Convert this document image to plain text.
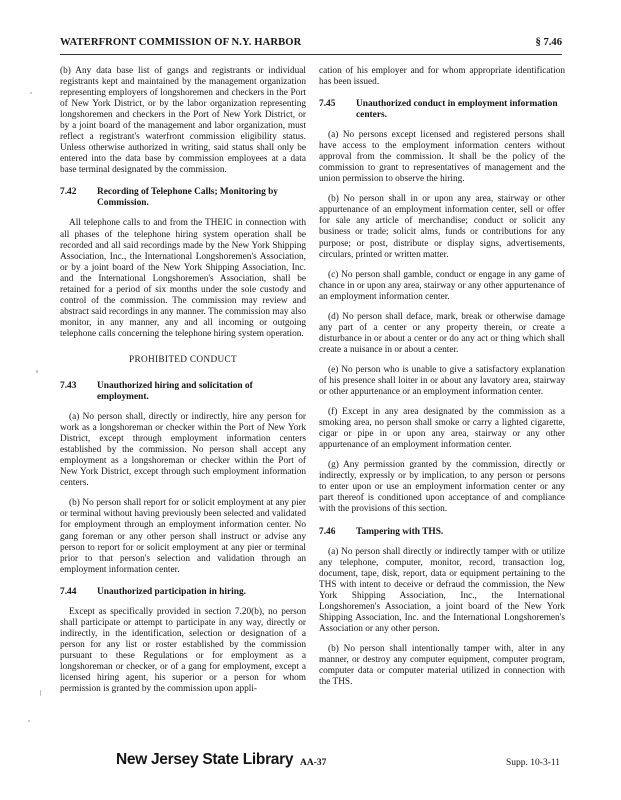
WATERFRONT COMMISSION OF N.Y. HARBOR	§ 7.46

(b) Any data base list of gangs and registrants or individual registrants kept and maintained by the management organization representing employers of longshoremen and checkers in the Port of New York District, or by the labor organization representing longshoremen and checkers in the Port of New York District, or by a joint board of the management and labor organization, must reflect a registrant's waterfront commission eligibility status. Unless otherwise authorized in writing, said status shall only be entered into the data base by commission employees at a data base terminal designated by the commission.

7.42 Recording of Telephone Calls; Monitoring by Commission.

All telephone calls to and from the THEIC in connection with all phases of the telephone hiring system operation shall be recorded and all said recordings made by the New York Shipping Association, Inc., the International Longshoremen's Association, or by a joint board of the New York Shipping Association, Inc. and the International Longshoremen's Association, shall be retained for a period of six months under the sole custody and control of the commission. The commission may review and abstract said recordings in any manner. The commission may also monitor, in any manner, any and all incoming or outgoing telephone calls concerning the telephone hiring system operation.

PROHIBITED CONDUCT
7.43 Unauthorized hiring and solicitation of employment.

(a) No person shall, directly or indirectly, hire any person for work as a longshoreman or checker within the Port of New York District, except through employment information centers established by the commission. No person shall accept any employment as a longshoreman or checker within the Port of New York District, except through such employment information centers.

(b) No person shall report for or solicit employment at any pier or terminal without having previously been selected and validated for employment through an employment information center. No gang foreman or any other person shall instruct or advise any person to report for or solicit employment at any pier or terminal prior to that person's selection and validation through an employment information center.

7.44 Unauthorized participation in hiring.

Except as specifically provided in section 7.20(b), no person shall participate or attempt to participate in any way, directly or indirectly, in the identification, selection or designation of a person for any list or roster established by the commission pursuant to these Regulations or for employment as a longshoreman or checker, or of a gang for employment, except a licensed hiring agent, his superior or a person for whom permission is granted by the commission upon appli-

cation of his employer and for whom appropriate identification has been issued.

7.45 Unauthorized conduct in employment information centers.

(a) No persons except licensed and registered persons shall have access to the employment information centers without approval from the commission. It shall be the policy of the commission to grant to representatives of management and the union permission to observe the hiring.

(b) No person shall in or upon any area, stairway or other appurtenance of an employment information center, sell or offer for sale any article of merchandise; conduct or solicit any business or trade; solicit alms, funds or contributions for any purpose; or post, distribute or display signs, advertisements, circulars, printed or written matter.

(c) No person shall gamble, conduct or engage in any game of chance in or upon any area, stairway or any other appurtenance of an employment information center.

(d) No person shall deface, mark, break or otherwise damage any part of a center or any property therein, or create a disturbance in or about a center or do any act or thing which shall create a nuisance in or about a center.

(e) No person who is unable to give a satisfactory explanation of his presence shall loiter in or about any lavatory area, stairway or other appurtenance or an employment information center.

(f) Except in any area designated by the commission as a smoking area, no person shall smoke or carry a lighted cigarette, cigar or pipe in or upon any area, stairway or any other appurtenance of an employment information center.

(g) Any permission granted by the commission, directly or indirectly, expressly or by implication, to any person or persons to enter upon or use an employment information center or any part thereof is conditioned upon acceptance of and compliance with the provisions of this section.

7.46 Tampering with THS.

(a) No person shall directly or indirectly tamper with or utilize any telephone, computer, monitor, record, transaction log, document, tape, disk, report, data or equipment pertaining to the THS with intent to deceive or defraud the commission, the New York Shipping Association, Inc., the International Longshoremen's Association, a joint board of the New York Shipping Association, Inc. and the International Longshoremen's Association or any other person.

(b) No person shall intentionally tamper with, alter in any manner, or destroy any computer equipment, computer program, computer data or computer material utilized in connection with the THS.

New Jersey State Library AA-37	Supp. 10-3-11
